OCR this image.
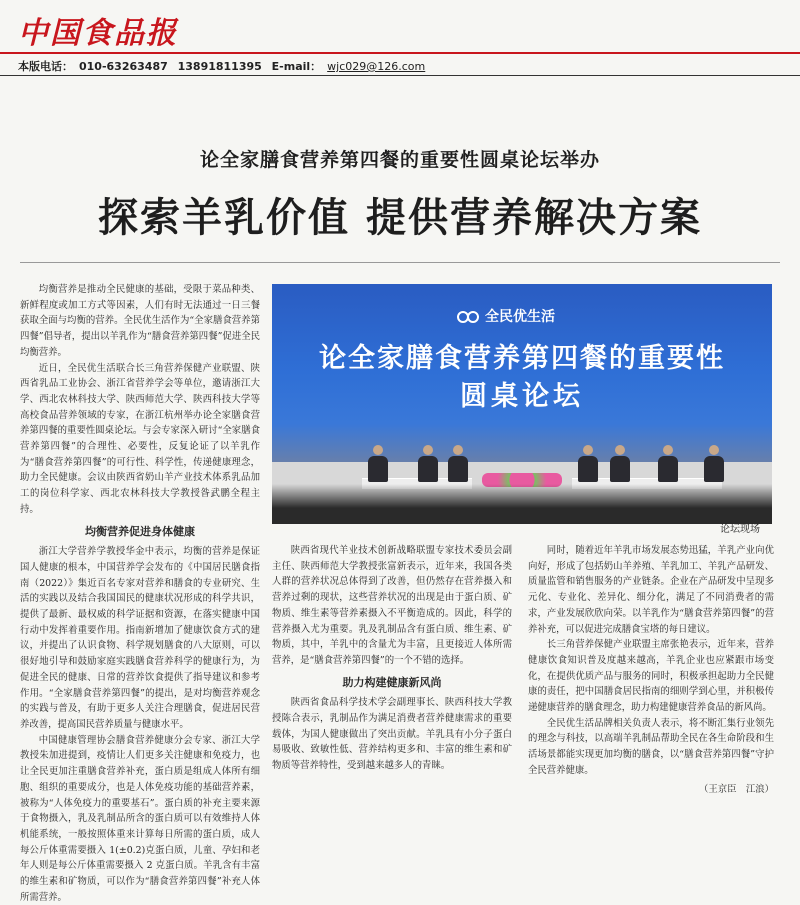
中国食品报
本版电话： 010-63263487 13891811395 E-mail： wjc029@126.com
论全家膳食营养第四餐的重要性圆桌论坛举办
探索羊乳价值 提供营养解决方案

均衡营养是推动全民健康的基础，受限于菜品种类、新鲜程度或加工方式等因素，人们有时无法通过一日三餐获取全面与均衡的营养。全民优生活作为“全家膳食营养第四餐”倡导者，提出以羊乳作为“膳食营养第四餐”促进全民均衡营养。

近日，全民优生活联合长三角营养保健产业联盟、陕西省乳品工业协会、浙江省营养学会等单位，邀请浙江大学、西北农林科技大学、陕西师范大学、陕西科技大学等高校食品营养领域的专家，在浙江杭州举办论全家膳食营养第四餐的重要性圆桌论坛。与会专家深入研讨“全家膳食营养第四餐”的合理性、必要性，反复论证了以羊乳作为“膳食营养第四餐”的可行性、科学性，传递健康理念，助力全民健康。会议由陕西省奶山羊产业技术体系乳品加工的岗位科学家、西北农林科技大学教授昝武鹏全程主持。

均衡营养促进身体健康

浙江大学营养学教授华金中表示，均衡的营养是保证国人健康的根本，中国营养学会发布的《中国居民膳食指南（2022）》集近百名专家对营养和膳食的专业研究、生活的实践以及结合我国国民的健康状况形成的科学共识，提供了最新、最权威的科学证据和资源，在落实健康中国行动中发挥着重要作用。指南新增加了健康饮食方式的建议，并提出了认识食物、科学规划膳食的八大原则，可以很好地引导和鼓励家庭实践膳食营养科学的健康行为，为促进全民的健康、日常的营养饮食提供了指导建议和参考作用。“全家膳食营养第四餐”的提出，是对均衡营养观念的实践与普及，有助于更多人关注合理膳食，促进居民营养改善，提高国民营养质量与健康水平。

中国健康管理协会膳食营养健康分会专家、浙江大学教授朱加进提到，疫情让人们更多关注健康和免疫力，也让全民更加注重膳食营养补充，蛋白质是组成人体所有细胞、组织的重要成分，也是人体免疫功能的基础营养素，被称为“人体免疫力的重要基石”。蛋白质的补充主要来源于食物摄入，乳及乳制品所含的蛋白质可以有效维持人体机能系统，一般按照体重来计算每日所需的蛋白质，成人每公斤体重需要摄入 1(±0.2)克蛋白质，儿童、孕妇和老年人则是每公斤体重需要摄入 2 克蛋白质。羊乳含有丰富的维生素和矿物质，可以作为“膳食营养第四餐”补充人体所需营养。

全民优生活
论全家膳食营养第四餐的重要性
圆桌论坛
论坛现场

陕西省现代羊业技术创新战略联盟专家技术委员会副主任、陕西师范大学教授张富新表示，近年来，我国各类人群的营养状况总体得到了改善，但仍然存在营养摄入和营养过剩的现状，这些营养状况的出现是由于蛋白质、矿物质、维生素等营养素摄入不平衡造成的。因此，科学的营养摄入尤为重要。乳及乳制品含有蛋白质、维生素、矿物质，其中，羊乳中的含量尤为丰富，且更接近人体所需营养，是“膳食营养第四餐”的一个不错的选择。

助力构建健康新风尚

陕西省食品科学技术学会副理事长、陕西科技大学教授陈合表示，乳制品作为满足消费者营养健康需求的重要载体，为国人健康做出了突出贡献。羊乳具有小分子蛋白易吸收、致敏性低、营养结构更多和、丰富的维生素和矿物质等营养特性，受到越来越多人的青睐。

同时，随着近年羊乳市场发展态势迅猛，羊乳产业向优向好，形成了包括奶山羊养殖、羊乳加工、羊乳产品研发、质量监管和销售服务的产业链条。企业在产品研发中呈现多元化、专业化、差异化、细分化，满足了不同消费者的需求，产业发展欣欣向荣。以羊乳作为“膳食营养第四餐”的营养补充，可以促进完成膳食宝塔的每日建议。

长三角营养保健产业联盟主席张艳表示，近年来，营养健康饮食知识普及度越来越高，羊乳企业也应紧跟市场变化，在提供优质产品与服务的同时，积极承担起助力全民健康的责任，把中国膳食居民指南的细则学到心里，并积极传递健康营养的膳食理念，助力构建健康营养食品的新风尚。

全民优生活品牌相关负责人表示，将不断汇集行业领先的理念与科技，以高端羊乳制品帮助全民在各生命阶段和生活场景都能实现更加均衡的膳食，以“膳食营养第四餐”守护全民营养健康。

（王京臣　江浪）
